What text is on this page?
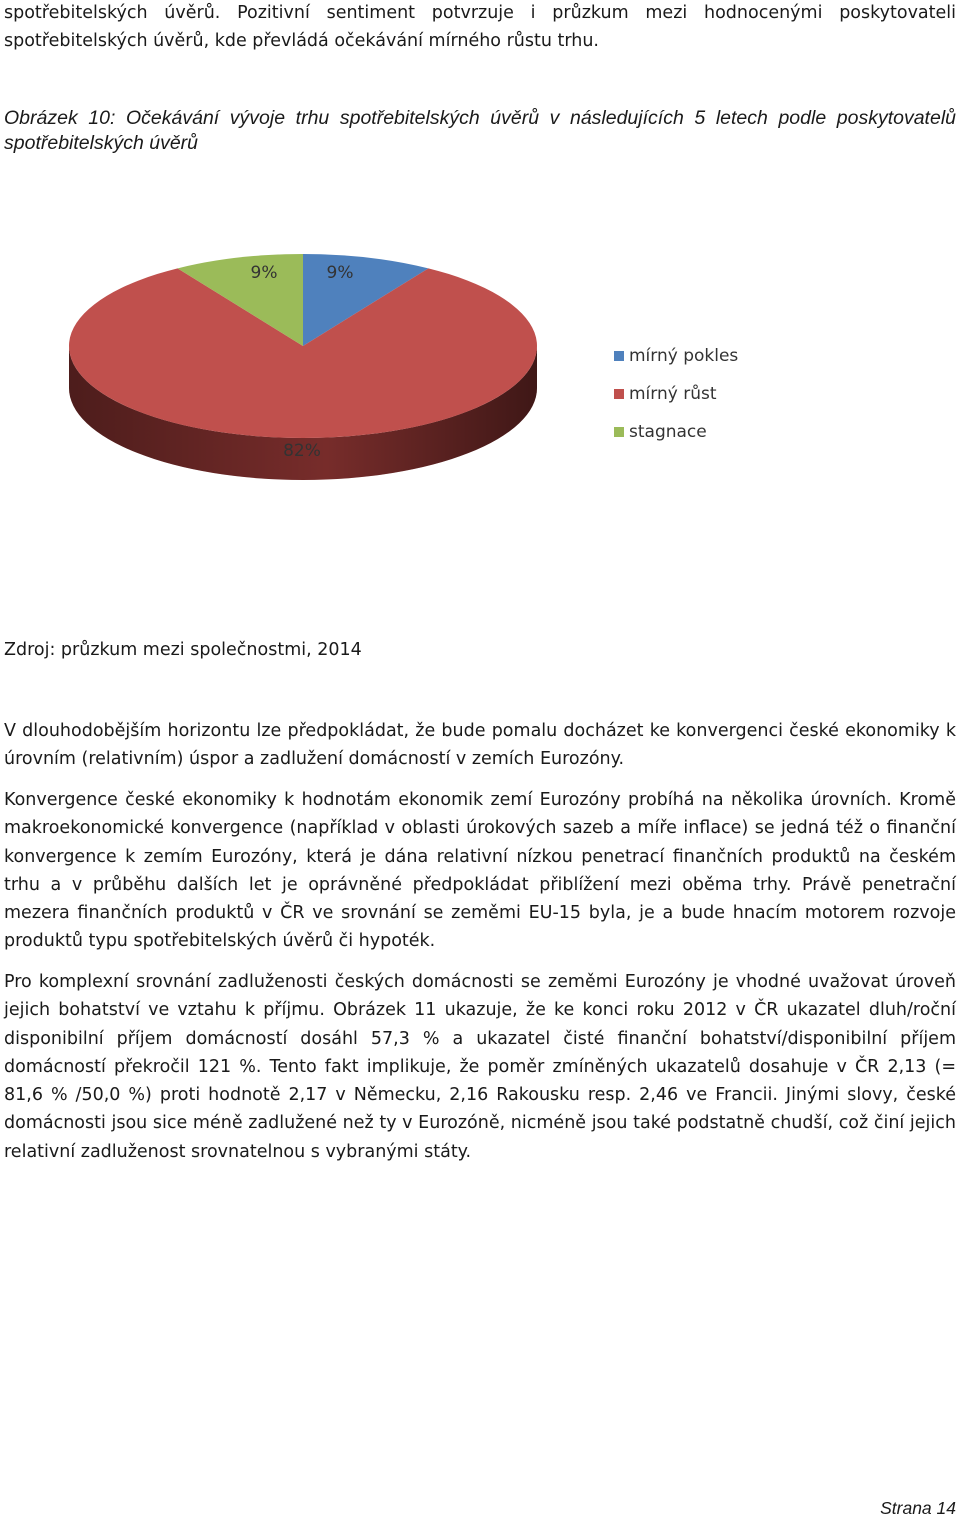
spotřebitelských úvěrů. Pozitivní sentiment potvrzuje i průzkum mezi hodnocenými poskytovateli spotřebitelských úvěrů, kde převládá očekávání mírného růstu trhu.

Obrázek 10: Očekávání vývoje trhu spotřebitelských úvěrů v následujících 5 letech podle poskytovatelů spotřebitelských úvěrů

9%
82%
9%
mírný pokles
mírný růst
stagnace

Zdroj: průzkum mezi společnostmi, 2014

V dlouhodobějším horizontu lze předpokládat, že bude pomalu docházet ke konvergenci české ekonomiky k úrovním (relativním) úspor a zadlužení domácností v zemích Eurozóny.

Konvergence české ekonomiky k hodnotám ekonomik zemí Eurozóny probíhá na několika úrovních. Kromě makroekonomické konvergence (například v oblasti úrokových sazeb a míře inflace) se jedná též o finanční konvergence k zemím Eurozóny, která je dána relativní nízkou penetrací finančních produktů na českém trhu a v průběhu dalších let je oprávněné předpokládat přiblížení mezi oběma trhy. Právě penetrační mezera finančních produktů v ČR ve srovnání se zeměmi EU-15 byla, je a bude hnacím motorem rozvoje produktů typu spotřebitelských úvěrů či hypoték.

Pro komplexní srovnání zadluženosti českých domácnosti se zeměmi Eurozóny je vhodné uvažovat úroveň jejich bohatství ve vztahu k příjmu. Obrázek 11 ukazuje, že ke konci roku 2012 v ČR ukazatel dluh/roční disponibilní příjem domácností dosáhl 57,3 % a ukazatel čisté finanční bohatství/disponibilní příjem domácností překročil 121 %. Tento fakt implikuje, že poměr zmíněných ukazatelů dosahuje v ČR 2,13 (= 81,6 % /50,0 %) proti hodnotě 2,17 v Německu, 2,16 Rakousku resp. 2,46 ve Francii. Jinými slovy, české domácnosti jsou sice méně zadlužené než ty v Eurozóně, nicméně jsou také podstatně chudší, což činí jejich relativní zadluženost srovnatelnou s vybranými státy.

Strana 14
